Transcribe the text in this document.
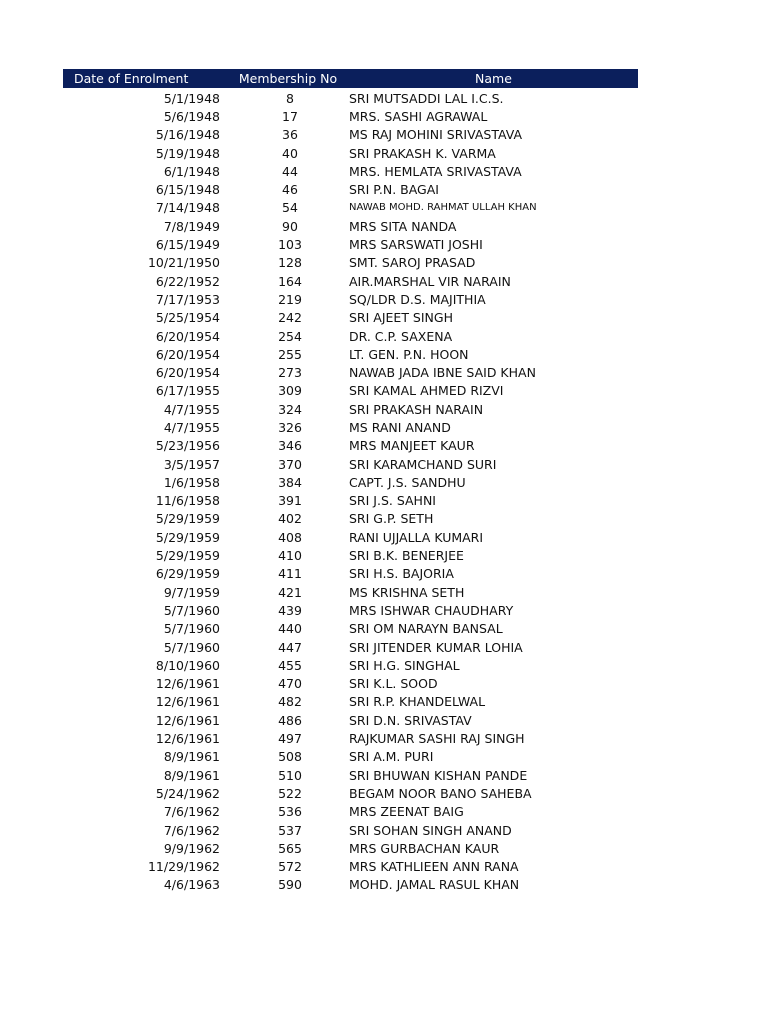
Date of Enrolment	Membership No	Name
5/1/1948	8	SRI MUTSADDI LAL I.C.S.
5/6/1948	17	MRS. SASHI AGRAWAL
5/16/1948	36	MS RAJ MOHINI SRIVASTAVA
5/19/1948	40	SRI PRAKASH K. VARMA
6/1/1948	44	MRS. HEMLATA SRIVASTAVA
6/15/1948	46	SRI P.N. BAGAI
7/14/1948	54	NAWAB MOHD. RAHMAT ULLAH KHAN
7/8/1949	90	MRS SITA NANDA
6/15/1949	103	MRS SARSWATI JOSHI
10/21/1950	128	SMT. SAROJ PRASAD
6/22/1952	164	AIR.MARSHAL VIR NARAIN
7/17/1953	219	SQ/LDR D.S. MAJITHIA
5/25/1954	242	SRI AJEET SINGH
6/20/1954	254	DR. C.P. SAXENA
6/20/1954	255	LT. GEN. P.N. HOON
6/20/1954	273	NAWAB JADA IBNE SAID KHAN
6/17/1955	309	SRI KAMAL AHMED RIZVI
4/7/1955	324	SRI PRAKASH NARAIN
4/7/1955	326	MS RANI ANAND
5/23/1956	346	MRS MANJEET KAUR
3/5/1957	370	SRI KARAMCHAND SURI
1/6/1958	384	CAPT. J.S. SANDHU
11/6/1958	391	SRI J.S. SAHNI
5/29/1959	402	SRI G.P. SETH
5/29/1959	408	RANI UJJALLA KUMARI
5/29/1959	410	SRI B.K. BENERJEE
6/29/1959	411	SRI H.S. BAJORIA
9/7/1959	421	MS KRISHNA SETH
5/7/1960	439	MRS ISHWAR CHAUDHARY
5/7/1960	440	SRI OM NARAYN BANSAL
5/7/1960	447	SRI JITENDER KUMAR LOHIA
8/10/1960	455	SRI H.G. SINGHAL
12/6/1961	470	SRI K.L. SOOD
12/6/1961	482	SRI R.P. KHANDELWAL
12/6/1961	486	SRI D.N. SRIVASTAV
12/6/1961	497	RAJKUMAR SASHI RAJ SINGH
8/9/1961	508	SRI A.M. PURI
8/9/1961	510	SRI BHUWAN KISHAN PANDE
5/24/1962	522	BEGAM NOOR BANO SAHEBA
7/6/1962	536	MRS ZEENAT BAIG
7/6/1962	537	SRI SOHAN SINGH ANAND
9/9/1962	565	MRS GURBACHAN KAUR
11/29/1962	572	MRS KATHLIEEN ANN RANA
4/6/1963	590	MOHD. JAMAL RASUL KHAN
